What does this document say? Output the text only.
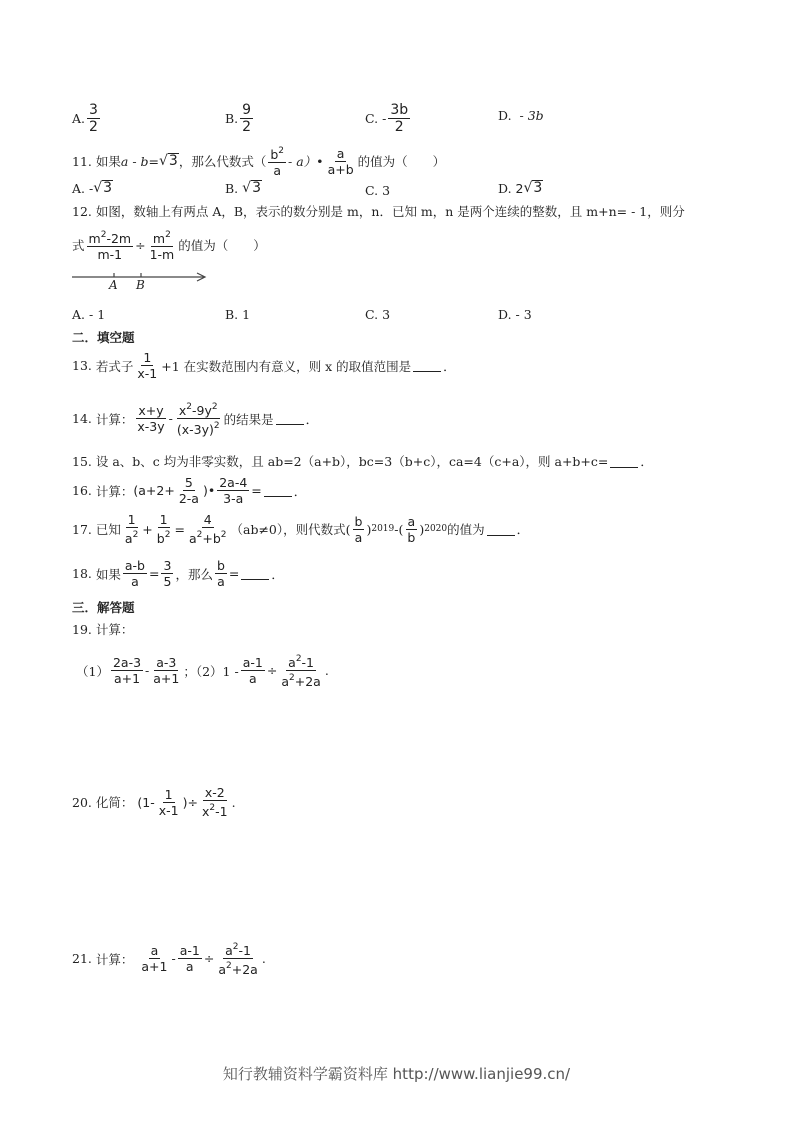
A. $\frac{3}{2}$	B. $\frac{9}{2}$	C.
- $\frac{3b}{2}$	D.
- 3b
11.
如果 a - b= √ 3 ，那么代数式（ $\frac{b^2}{a}$ - a）• $\frac{a}{a+b}$ 的值为（　　）
A.
- √ 3	B.
√ 3	C.
3	D.
2 √ 3
12. 如图，数轴上有两点 A，B，表示的数分别是 m，n．已知 m，n 是两个连续的整数，且 m+n= - 1，则分
式 $\frac{m^2-2m}{m-1} \div \frac{m^2}{1-m}$ 的值为（　　）
A B
A.
- 1	B.
1	C.
3	D.
- 3
二．填空题
13.
若式子 $\frac{1}{x-1} +1$ 在实数范围内有意义，则 x 的取值范围是	．
14.
计算： $\frac{x+y}{x-3y} - \frac{x^2-9y^2}{(x-3y)^2}$ 的结果是	．
15.
设 a、b、c 均为非零实数，且 ab=2（a+b），bc=3（b+c），ca=4（c+a），则 a+b+c=	．
16.
计算： ($a+2+ \frac{5}{2-a}$ )• $\frac{2a-4}{3-a}$ =	．
17.
已知 $\frac{1}{a^2} + \frac{1}{b^2} = \frac{4}{a^2+b^2} (ab\ne 0)$，则代数式 ( $\frac{b}{a}$ ) 2019 - ( $\frac{a}{b}$ ) 2020 的值为	．
18.
如果 $\frac{a-b}{a} = \frac{3}{5}$ ，那么 $\frac{b}{a}$ =	．
三．解答题
19. 计算：
$(1) \frac{2a-3}{a+1} - \frac{a-3}{a+1}$ ；$(2)1 - \frac{a-1}{a} \div \frac{a^2-1}{a^2+2a}$ .
20.
化简：
($1- \frac{1}{x-1}$ )÷ $\frac{x-2}{x^2-1}$ .
21.
计算：
$\frac{a}{a+1} - \frac{a-1}{a} \div \frac{a^2-1}{a^2+2a}$ .
知行教辅资料学霸资料库 http://www.lianjie99.cn/
